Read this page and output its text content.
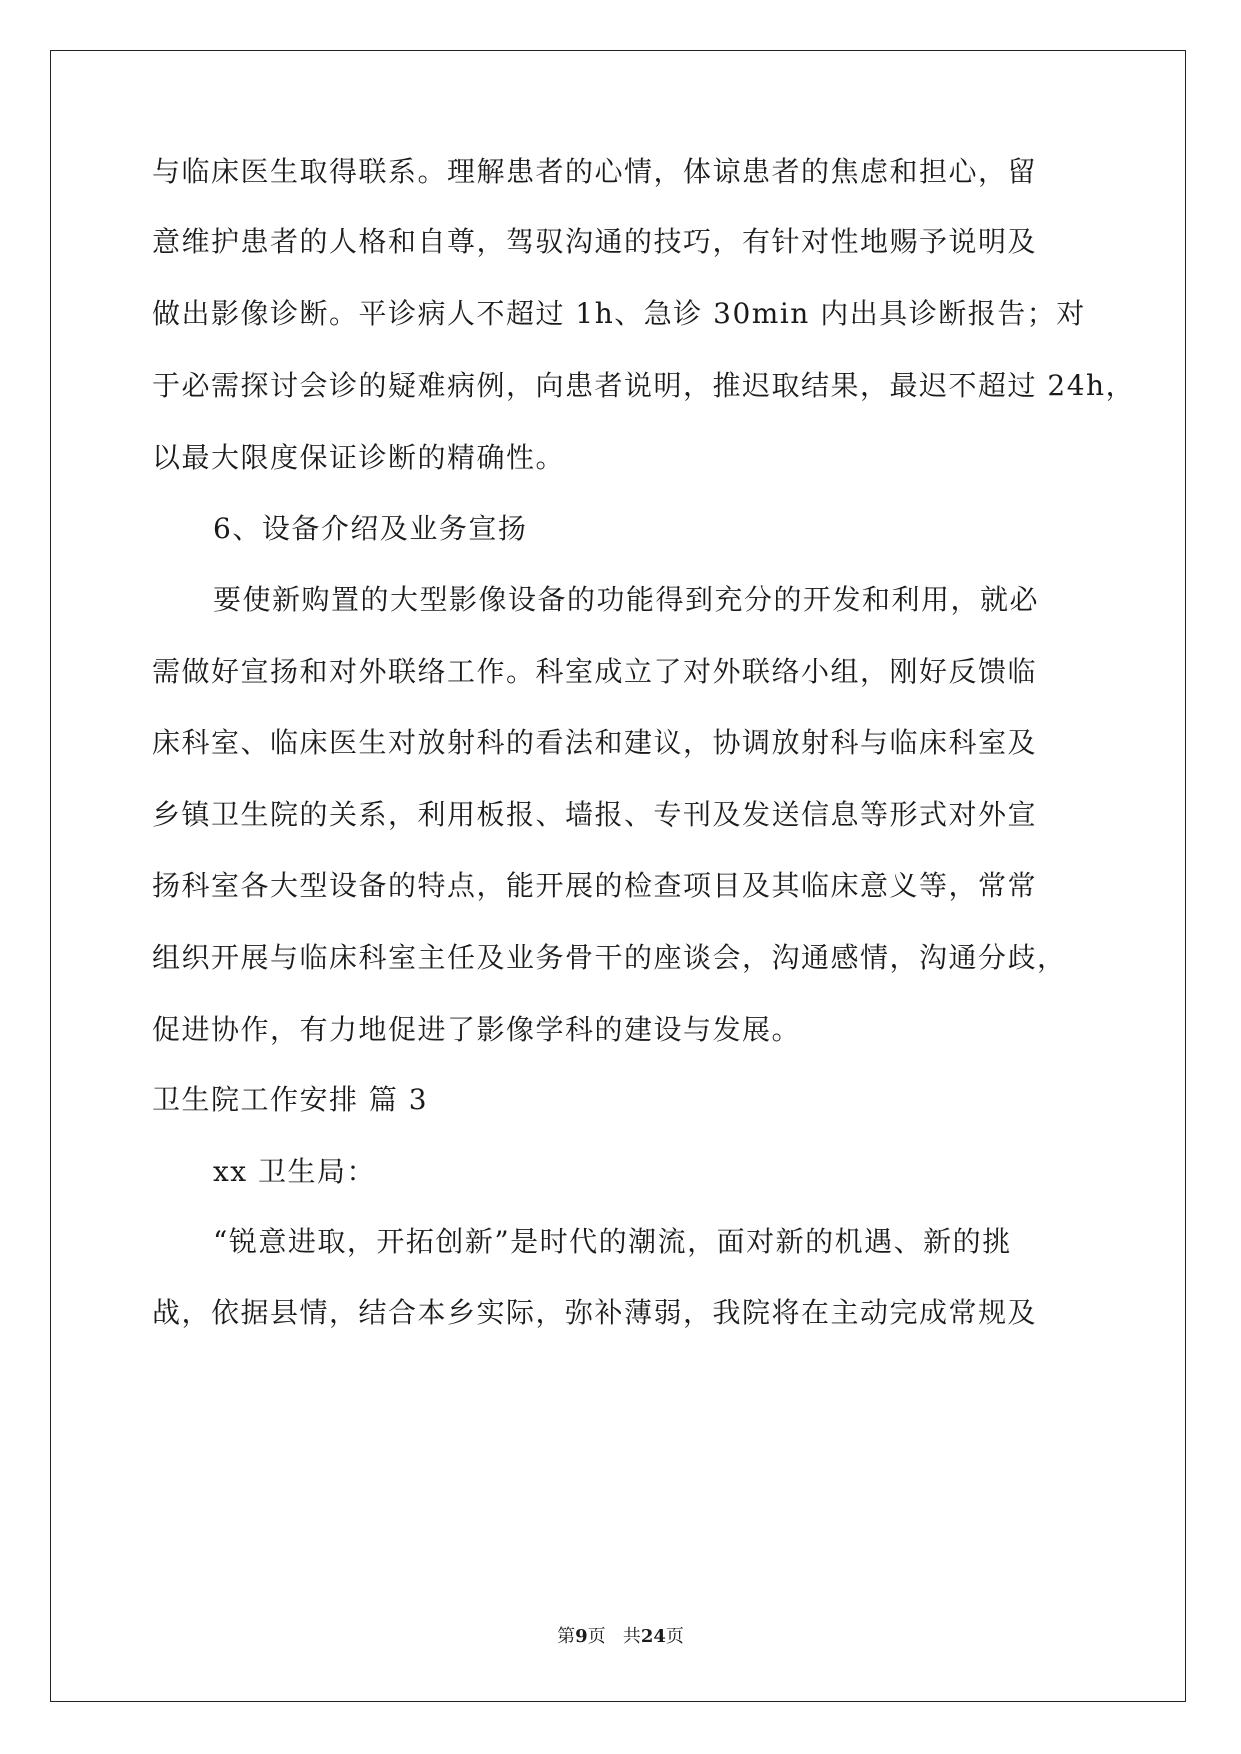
与临床医生取得联系。理解患者的心情，体谅患者的焦虑和担心，留
意维护患者的人格和自尊，驾驭沟通的技巧，有针对性地赐予说明及
做出影像诊断。平诊病人不超过 1h、急诊 30min 内出具诊断报告；对
于必需探讨会诊的疑难病例，向患者说明，推迟取结果，最迟不超过 24h，
以最大限度保证诊断的精确性。
6、设备介绍及业务宣扬
要使新购置的大型影像设备的功能得到充分的开发和利用，就必
需做好宣扬和对外联络工作。科室成立了对外联络小组，刚好反馈临
床科室、临床医生对放射科的看法和建议，协调放射科与临床科室及
乡镇卫生院的关系，利用板报、墙报、专刊及发送信息等形式对外宣
扬科室各大型设备的特点，能开展的检查项目及其临床意义等，常常
组织开展与临床科室主任及业务骨干的座谈会，沟通感情，沟通分歧，
促进协作，有力地促进了影像学科的建设与发展。
卫生院工作安排 篇 3
xx 卫生局：
“锐意进取，开拓创新”是时代的潮流，面对新的机遇、新的挑
战，依据县情，结合本乡实际，弥补薄弱，我院将在主动完成常规及
第9页 共24页
